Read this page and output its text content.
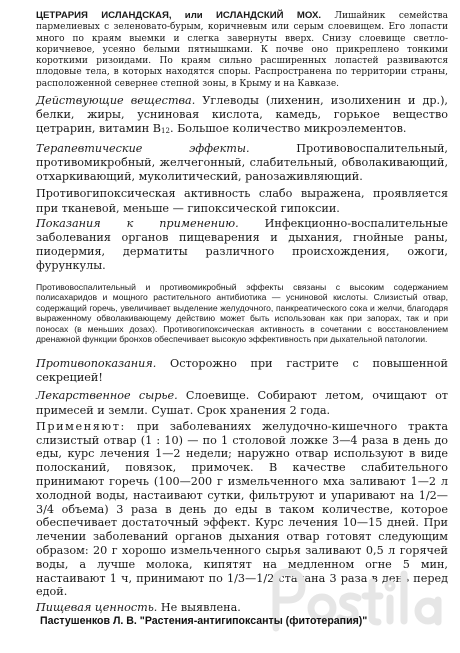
ЦЕТРАРИЯ ИСЛАНДСКАЯ, или ИСЛАНДСКИЙ МОХ. Лишайник семейства пармелиевых с зеленовато-бурым, коричневым или серым слоевищем. Его лопасти много по краям выемки и слегка завернуты вверх. Снизу слоевище светло-коричневое, усеяно белыми пятнышками. К почве оно прикреплено тонкими короткими ризоидами. По краям сильно расширенных лопастей развиваются плодовые тела, в которых находятся споры. Распространена по территории страны, расположенной севернее степной зоны, в Крыму и на Кавказе.

Действующие вещества. Углеводы (лихенин, изолихенин и др.), белки, жиры, усниновая кислота, камедь, горькое вещество цетрарин, витамин $B_{12}$. Большое количество микроэлементов.

Терапевтические эффекты. Противовоспалительный, противомикробный, желчегонный, слабительный, обволакивающий, отхаркивающий, муколитический, ранозаживляющий.

Противогипоксическая активность слабо выражена, проявляется при тканевой, меньше — гипоксической гипоксии.

Показания к применению. Инфекционно-воспалительные заболевания органов пищеварения и дыхания, гнойные раны, пиодермия, дерматиты различного происхождения, ожоги, фурункулы.

Противовоспалительный и противомикробный эффекты связаны с высоким содержанием полисахаридов и мощного растительного антибиотика — усниновой кислоты. Слизистый отвар, содержащий горечь, увеличивает выделение желудочного, панкреатического сока и желчи, благодаря выраженному обволакивающему действию может быть использован как при запорах, так и при поносах (в меньших дозах). Противогипоксическая активность в сочетании с восстановлением дренажной функции бронхов обеспечивает высокую эффективность при дыхательной патологии.

Противопоказания. Осторожно при гастрите с повышенной секрецией!

Лекарственное сырье. Слоевище. Собирают летом, очищают от примесей и земли. Сушат. Срок хранения 2 года.

Применяют: при заболеваниях желудочно-кишечного тракта слизистый отвар (1 : 10) — по 1 столовой ложке 3—4 раза в день до еды, курс лечения 1—2 недели; наружно отвар используют в виде полосканий, повязок, примочек. В качестве слабительного принимают горечь (100—200 г измельченного мха заливают 1—2 л холодной воды, настаивают сутки, фильтруют и упаривают на 1/2—3/4 объема) 3 раза в день до еды в таком количестве, которое обеспечивает достаточный эффект. Курс лечения 10—15 дней. При лечении заболеваний органов дыхания отвар готовят следующим образом: 20 г хорошо измельченного сырья заливают 0,5 л горячей воды, а лучше молока, кипятят на медленном огне 5 мин, настаивают 1 ч, принимают по 1/3—1/2 стакана 3 раза в день перед едой.

Пищевая ценность. Не выявлена.

Пастушенков Л. В. "Растения-антигипоксанты (фитотерапия)"
